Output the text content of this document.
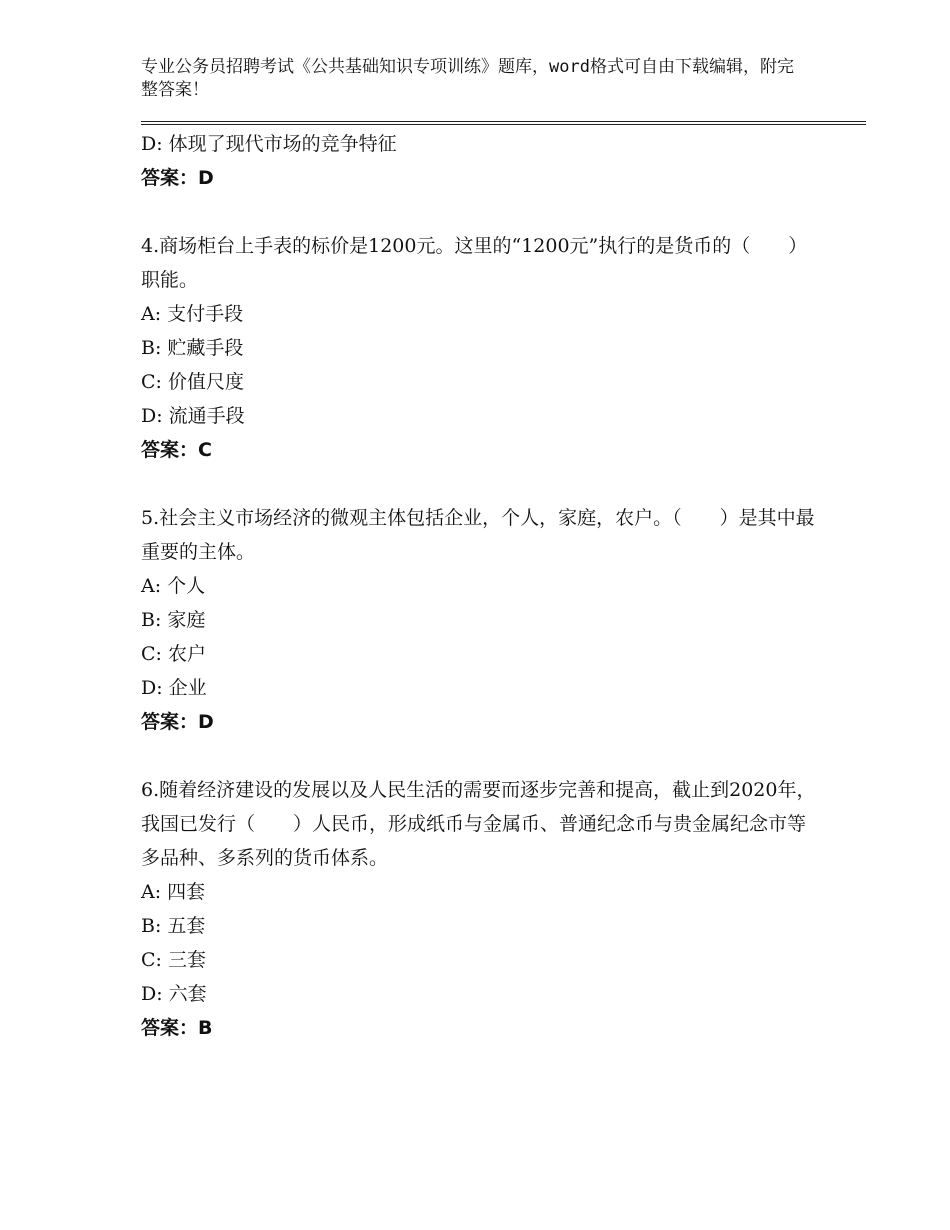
专业公务员招聘考试《公共基础知识专项训练》题库，word格式可自由下载编辑，附完整答案！
D: 体现了现代市场的竞争特征
答案：D
4.商场柜台上手表的标价是1200元。这里的“1200元”执行的是货币的（　　）职能。
A: 支付手段
B: 贮藏手段
C: 价值尺度
D: 流通手段
答案：C
5.社会主义市场经济的微观主体包括企业，个人，家庭，农户。（　　）是其中最重要的主体。
A: 个人
B: 家庭
C: 农户
D: 企业
答案：D
6.随着经济建设的发展以及人民生活的需要而逐步完善和提高，截止到2020年，我国已发行（　　）人民币，形成纸币与金属币、普通纪念币与贵金属纪念市等多品种、多系列的货币体系。
A: 四套
B: 五套
C: 三套
D: 六套
答案：B
